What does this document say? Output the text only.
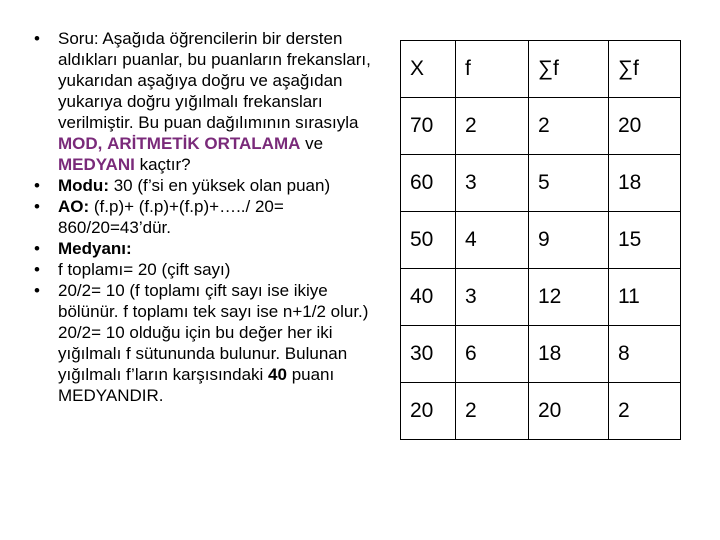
• Soru: Aşağıda öğrencilerin bir dersten aldıkları puanlar, bu puanların frekansları, yukarıdan aşağıya doğru ve aşağıdan yukarıya doğru yığılmalı frekansları verilmiştir. Bu puan dağılımının sırasıyla MOD, ARİTMETİK ORTALAMA ve MEDYANI kaçtır?
• Modu: 30 (f’si en yüksek olan puan)
• AO: (f.p)+ (f.p)+(f.p)+…../ 20= 860/20=43’dür.
• Medyanı:
• f toplamı= 20 (çift sayı)
• 20/2= 10 (f toplamı çift sayı ise ikiye bölünür. f toplamı tek sayı ise n+1/2 olur.) 20/2= 10 olduğu için bu değer her iki yığılmalı f sütununda bulunur. Bulunan yığılmalı f’ların karşısındaki 40 puanı MEDYANDIR.
X	f	∑f	∑f
70	2	2	20
60	3	5	18
50	4	9	15
40	3	12	11
30	6	18	8
20	2	20	2
